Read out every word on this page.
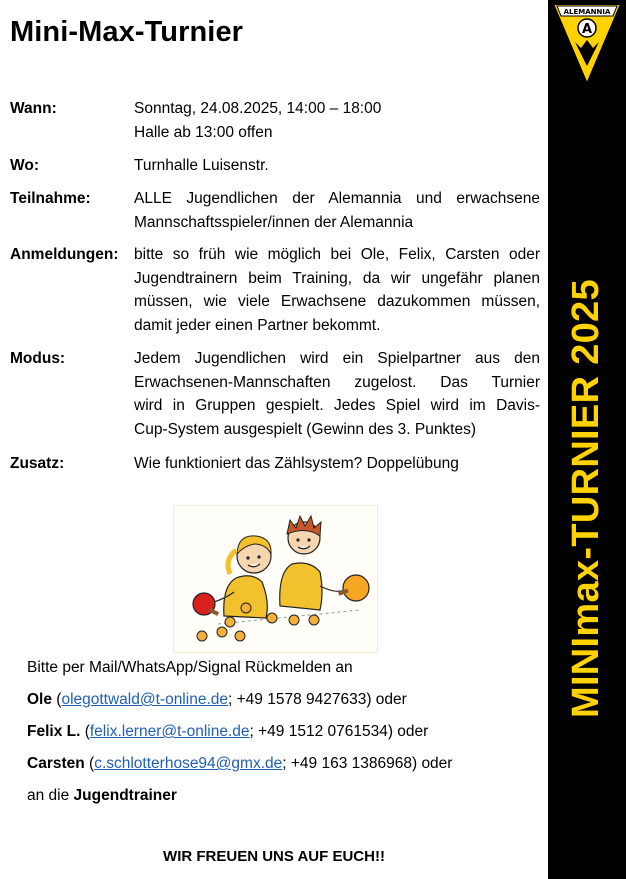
Mini-Max-Turnier
Wann:	Sonntag, 24.08.2025, 14:00 – 18:00
Halle ab 13:00 offen
Wo:	Turnhalle Luisenstr.
Teilnahme:	ALLE Jugendlichen der Alemannia und erwachsene
Mannschaftsspieler/innen der Alemannia
Anmeldungen: bitte so früh wie möglich bei Ole, Felix, Carsten oder
Jugendtrainern beim Training, da wir ungefähr planen
müssen, wie viele Erwachsene dazukommen müssen,
damit jeder einen Partner bekommt.
Modus:	Jedem Jugendlichen wird ein Spielpartner aus den
Erwachsenen-Mannschaften zugelost. Das Turnier
wird in Gruppen gespielt. Jedes Spiel wird im Davis-
Cup-System ausgespielt (Gewinn des 3. Punktes)
Zusatz:	Wie funktioniert das Zählsystem? Doppelübung
Bitte per Mail/WhatsApp/Signal Rückmelden an
Ole (olegottwald@t-online.de; +49 1578 9427633) oder
Felix L. (felix.lerner@t-online.de; +49 1512 0761534) oder
Carsten (c.schlotterhose94@gmx.de; +49 163 1386968) oder
an die Jugendtrainer
WIR FREUEN UNS AUF EUCH!!
ALEMANNIA
A
MINImax-TURNIER 2025
